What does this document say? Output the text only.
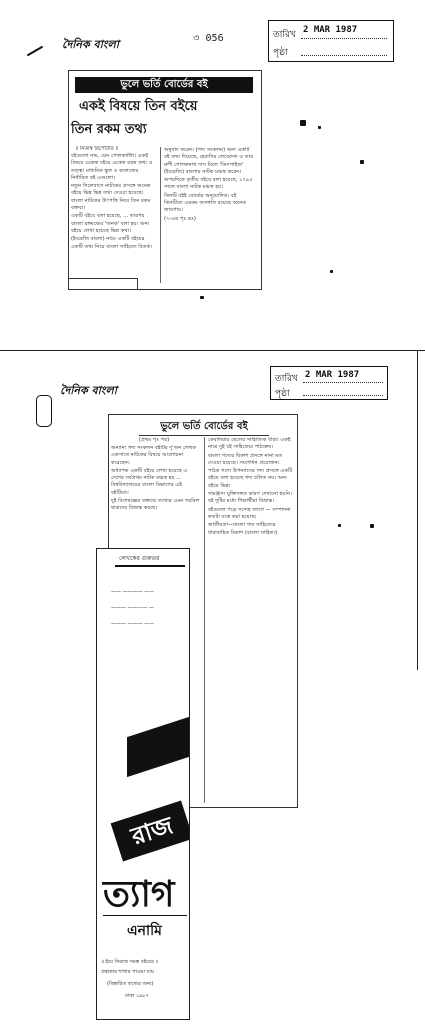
দৈনিক বাংলা	৩ 056	তারিখ 2 MAR 1987
পৃষ্ঠা
ভুলে ভর্তি বোর্ডের বই
একই বিষয়ে তিন বইয়ে
তিন রকম তথ্য
॥ নিজস্ব রিপোর্টার ॥

বইগুলো নাম, যেন গোলকধাঁধা। একই বিষয়ে একেক বইয়ে একেক রকম তথ্য ও তত্ত্ব। মাধ্যমিক স্কুল ও কলেজের নির্ধারিত বই এগুলো।

নতুন সিলেবাসে নাটকের প্রসঙ্গে অনেক বইয়ে ভিন্ন ভিন্ন তথ্য দেওয়া হয়েছে। বাংলা নাটকের উৎপত্তি নিয়ে তিন রকম বক্তব্য।

একটি বইয়ে বলা হয়েছে, ... তারপর বাংলা রঙ্গমঞ্চের 'জনক' বলা হয়। অন্য বইয়ে লেখা হয়েছে ভিন্ন কথা।

(ইংরেজি বাংলা) নামে একটি বইয়ের একটি তথ্য নিয়ে বাংলা সাহিত্যে বিতর্ক।

অনুবাদ করেন। (গদ্য সংকলন) অন্য একটি বই তথ্য দিয়েছে, হেরাসিম লেবেদেফ ও তার রুশী গোলকনাথ দাস মিলে 'ডিসগাইজ' (ইংরেজি) বাংলায় নাটক মঞ্চস্থ করেন।

অপরদিকে তৃতীয় বইয়ে বলা হয়েছে, ১৭৯৫ সালে বাংলা নাটক মঞ্চস্থ হয়।

তিনটি বইই বোর্ডের অনুমোদিত। বই তিনটিতে এরকম অসঙ্গতি রয়েছে অনেক জায়গায়।

(৭-এর পৃঃ দ্রঃ)

দৈনিক বাংলা
তারিখ 2 MAR 1987
পৃষ্ঠা
ভুলে ভর্তি বোর্ডের বই
(প্রথম পৃঃ পর)

অন্যান্য গদ্য সংকলন বইটির দু'জন লেখক একসাথে নাটকের বিষয়ে আলোচনা করেছেন।

অধ্যাপক একটি বইয়ে লেখা হয়েছে এ দেশের সর্বপ্রথম নাটক মঞ্চস্থ হয় ... বিশ্ববিদ্যালয়ের বাংলা বিভাগের এই বইটিতে।

দুই বিশেষজ্ঞের বক্তব্যে তথ্যের এমন গরমিল ছাত্রদের বিভ্রান্ত করছে।

কেবলিয়ার ছেলের সাহিত্যিক ধারা। একই নামে দুই বই সাহিত্যের পাঠ্যক্রম।

বাংলা গদ্যের বিকাশ প্রসঙ্গে নানা মত দেওয়া হয়েছে। সংশোধন প্রয়োজন।

পাঠক গণ্যে উপন্যাসের গদ্য প্রসঙ্গে একটি বইয়ে বলা হয়েছে গদ্য চলিত নয়। অন্য বইয়ে ভিন্ন।

সামঞ্জস্য যুক্তিসঙ্গত কারণ দেখানো হয়নি। বই দুটির মধ্যে শিক্ষার্থীরা বিভ্রান্ত।

বইগুলো পড়ে সন্দেহ জাগে — সম্পাদনা কতটা যত্নে করা হয়েছে।

জাতীয়তা—বাংলা গদ্য সাহিত্যের ধারাবাহিক বিকাশ (বাংলা সাহিত্য)

লেখকের গুরুতর
—— ———— ——
——— ———— —
——— ——— ——
রাজ
ত্যাগ
এনামি
॥ ইয়ে সিরাজ সমস্ত বইয়ের ॥
গ্রন্থাকার শাখায় পাওয়া যায়
(বিস্তারিত তথ্যের জন্য)
ঢাকা ১৯৮৭
